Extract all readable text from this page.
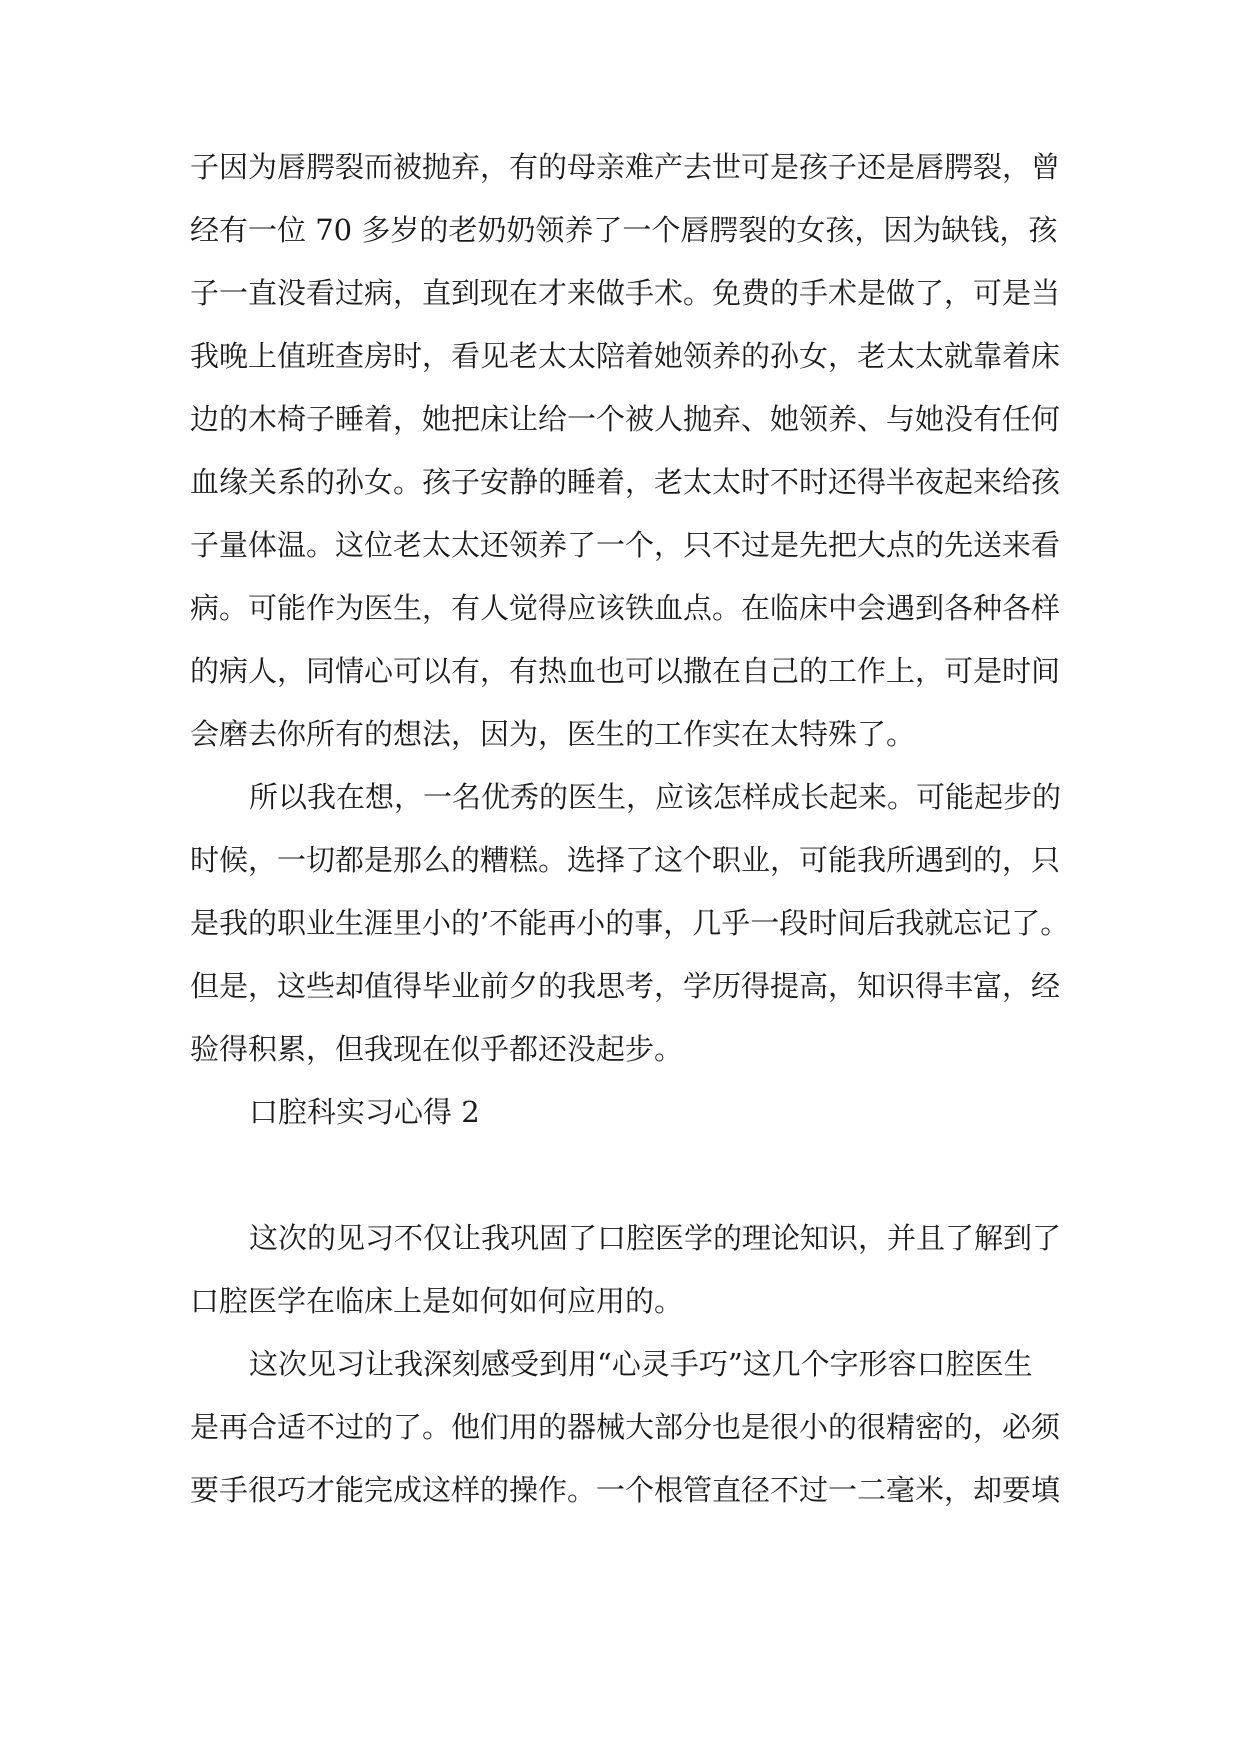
子因为唇腭裂而被抛弃，有的母亲难产去世可是孩子还是唇腭裂，曾
经有一位 70 多岁的老奶奶领养了一个唇腭裂的女孩，因为缺钱，孩
子一直没看过病，直到现在才来做手术。免费的手术是做了，可是当
我晚上值班查房时，看见老太太陪着她领养的孙女，老太太就靠着床
边的木椅子睡着，她把床让给一个被人抛弃、她领养、与她没有任何
血缘关系的孙女。孩子安静的睡着，老太太时不时还得半夜起来给孩
子量体温。这位老太太还领养了一个，只不过是先把大点的先送来看
病。可能作为医生，有人觉得应该铁血点。在临床中会遇到各种各样
的病人，同情心可以有，有热血也可以撒在自己的工作上，可是时间
会磨去你所有的想法，因为，医生的工作实在太特殊了。
所以我在想，一名优秀的医生，应该怎样成长起来。可能起步的
时候，一切都是那么的糟糕。选择了这个职业，可能我所遇到的，只
是我的职业生涯里小的’不能再小的事，几乎一段时间后我就忘记了。
但是，这些却值得毕业前夕的我思考，学历得提高，知识得丰富，经
验得积累，但我现在似乎都还没起步。
口腔科实习心得 2
这次的见习不仅让我巩固了口腔医学的理论知识，并且了解到了
口腔医学在临床上是如何如何应用的。
这次见习让我深刻感受到用“心灵手巧”这几个字形容口腔医生
是再合适不过的了。他们用的器械大部分也是很小的很精密的，必须
要手很巧才能完成这样的操作。一个根管直径不过一二毫米，却要填
